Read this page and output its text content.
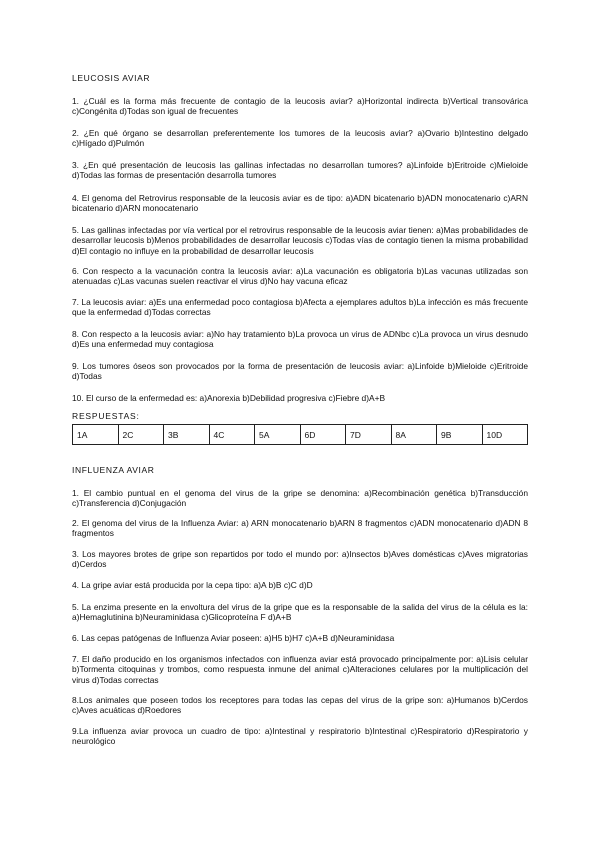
LEUCOSIS AVIAR
1. ¿Cuál es la forma más frecuente de contagio de la leucosis aviar? a)Horizontal indirecta b)Vertical transovárica c)Congénita d)Todas son igual de frecuentes
2. ¿En qué órgano se desarrollan preferentemente los tumores de la leucosis aviar? a)Ovario b)Intestino delgado c)Hígado d)Pulmón
3. ¿En qué presentación de leucosis las gallinas infectadas no desarrollan tumores? a)Linfoide b)Eritroide c)Mieloide d)Todas las formas de presentación desarrolla tumores
4. El genoma del Retrovirus responsable de la leucosis aviar es de tipo: a)ADN bicatenario b)ADN monocatenario c)ARN bicatenario d)ARN monocatenario
5. Las gallinas infectadas por vía vertical por el retrovirus responsable de la leucosis aviar tienen: a)Mas probabilidades de desarrollar leucosis b)Menos probabilidades de desarrollar leucosis c)Todas vías de contagio tienen la misma probabilidad d)El contagio no influye en la probabilidad de desarrollar leucosis
6. Con respecto a la vacunación contra la leucosis aviar: a)La vacunación es obligatoria b)Las vacunas utilizadas son atenuadas c)Las vacunas suelen reactivar el virus d)No hay vacuna eficaz
7. La leucosis aviar: a)Es una enfermedad poco contagiosa b)Afecta a ejemplares adultos b)La infección es más frecuente que la enfermedad d)Todas correctas
8. Con respecto a la leucosis aviar: a)No hay tratamiento b)La provoca un virus de ADNbc c)La provoca un virus desnudo d)Es una enfermedad muy contagiosa
9. Los tumores óseos son provocados por la forma de presentación de leucosis aviar: a)Linfoide b)Mieloide c)Eritroide d)Todas
10. El curso de la enfermedad es: a)Anorexia b)Debilidad progresiva c)Fiebre d)A+B
RESPUESTAS:
1A	2C	3B	4C	5A	6D	7D	8A	9B	10D
INFLUENZA AVIAR
1. El cambio puntual en el genoma del virus de la gripe se denomina: a)Recombinación genética b)Transducción c)Transferencia d)Conjugación
2. El genoma del virus de la Influenza Aviar: a) ARN monocatenario b)ARN 8 fragmentos c)ADN monocatenario d)ADN 8 fragmentos
3. Los mayores brotes de gripe son repartidos por todo el mundo por: a)Insectos b)Aves domésticas c)Aves migratorias d)Cerdos
4. La gripe aviar está producida por la cepa tipo: a)A b)B c)C d)D
5. La enzima presente en la envoltura del virus de la gripe que es la responsable de la salida del virus de la célula es la: a)Hemaglutinina b)Neuraminidasa c)Glicoproteína F d)A+B
6. Las cepas patógenas de Influenza Aviar poseen: a)H5 b)H7 c)A+B d)Neuraminidasa
7. El daño producido en los organismos infectados con influenza aviar está provocado principalmente por: a)Lisis celular b)Tormenta citoquinas y trombos, como respuesta inmune del animal c)Alteraciones celulares por la multiplicación del virus d)Todas correctas
8.Los animales que poseen todos los receptores para todas las cepas del virus de la gripe son: a)Humanos b)Cerdos c)Aves acuáticas d)Roedores
9.La influenza aviar provoca un cuadro de tipo: a)Intestinal y respiratorio b)Intestinal c)Respiratorio d)Respiratorio y neurológico
